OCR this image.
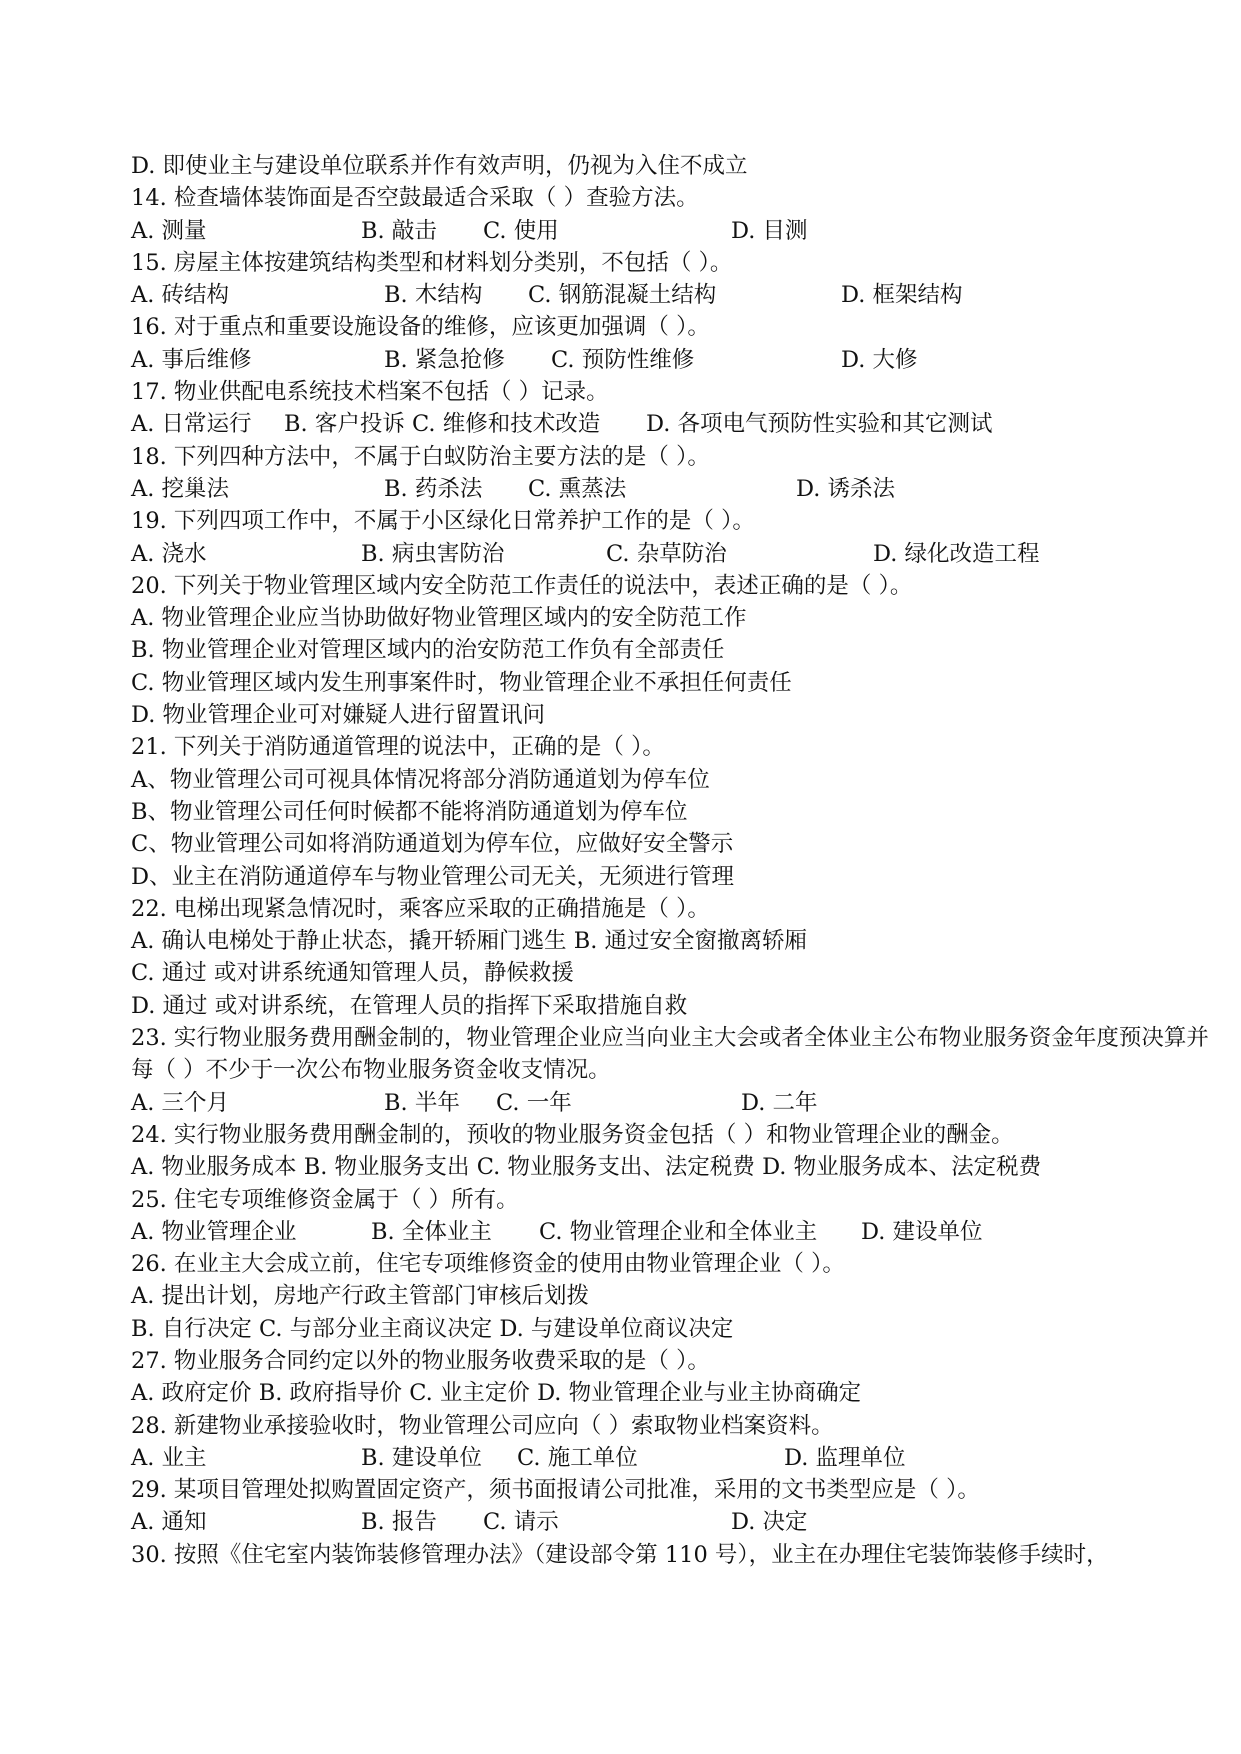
D. 即使业主与建设单位联系并作有效声明，仍视为入住不成立
14. 检查墙体装饰面是否空鼓最适合采取（ ）查验方法。
A. 测量	B. 敲击 C. 使用	D. 目测
15. 房屋主体按建筑结构类型和材料划分类别，不包括（ ）。
A. 砖结构	B. 木结构 C. 钢筋混凝土结构	D. 框架结构
16. 对于重点和重要设施设备的维修，应该更加强调（ ）。
A. 事后维修	B. 紧急抢修 C. 预防性维修	D. 大修
17. 物业供配电系统技术档案不包括（ ）记录。
A. 日常运行 B. 客户投诉 C. 维修和技术改造 D. 各项电气预防性实验和其它测试
18. 下列四种方法中，不属于白蚁防治主要方法的是（ ）。
A. 挖巢法	B. 药杀法 C. 熏蒸法	D. 诱杀法
19. 下列四项工作中，不属于小区绿化日常养护工作的是（ ）。
A. 浇水	B. 病虫害防治	C. 杂草防治	D. 绿化改造工程
20. 下列关于物业管理区域内安全防范工作责任的说法中，表述正确的是（ ）。
A. 物业管理企业应当协助做好物业管理区域内的安全防范工作
B. 物业管理企业对管理区域内的治安防范工作负有全部责任
C. 物业管理区域内发生刑事案件时，物业管理企业不承担任何责任
D. 物业管理企业可对嫌疑人进行留置讯问
21. 下列关于消防通道管理的说法中，正确的是（ ）。
A、物业管理公司可视具体情况将部分消防通道划为停车位
B、物业管理公司任何时候都不能将消防通道划为停车位
C、物业管理公司如将消防通道划为停车位，应做好安全警示
D、业主在消防通道停车与物业管理公司无关，无须进行管理
22. 电梯出现紧急情况时，乘客应采取的正确措施是（ ）。
A. 确认电梯处于静止状态，撬开轿厢门逃生 B. 通过安全窗撤离轿厢
C. 通过 或对讲系统通知管理人员，静候救援
D. 通过 或对讲系统，在管理人员的指挥下采取措施自救
23. 实行物业服务费用酬金制的，物业管理企业应当向业主大会或者全体业主公布物业服务资金年度预决算并每（ ）不少于一次公布物业服务资金收支情况。
A. 三个月	B. 半年 C. 一年	D. 二年
24. 实行物业服务费用酬金制的，预收的物业服务资金包括（ ）和物业管理企业的酬金。
A. 物业服务成本 B. 物业服务支出 C. 物业服务支出、法定税费 D. 物业服务成本、法定税费
25. 住宅专项维修资金属于（ ）所有。
A. 物业管理企业	B. 全体业主 C. 物业管理企业和全体业主 D. 建设单位
26. 在业主大会成立前，住宅专项维修资金的使用由物业管理企业（ ）。
A. 提出计划，房地产行政主管部门审核后划拨
B. 自行决定 C. 与部分业主商议决定 D. 与建设单位商议决定
27. 物业服务合同约定以外的物业服务收费采取的是（ ）。
A. 政府定价 B. 政府指导价 C. 业主定价 D. 物业管理企业与业主协商确定
28. 新建物业承接验收时，物业管理公司应向（ ）索取物业档案资料。
A. 业主	B. 建设单位 C. 施工单位	D. 监理单位
29. 某项目管理处拟购置固定资产，须书面报请公司批准，采用的文书类型应是（ ）。
A. 通知	B. 报告 C. 请示	D. 决定
30. 按照《住宅室内装饰装修管理办法》（建设部令第 110 号），业主在办理住宅装饰装修手续时，
